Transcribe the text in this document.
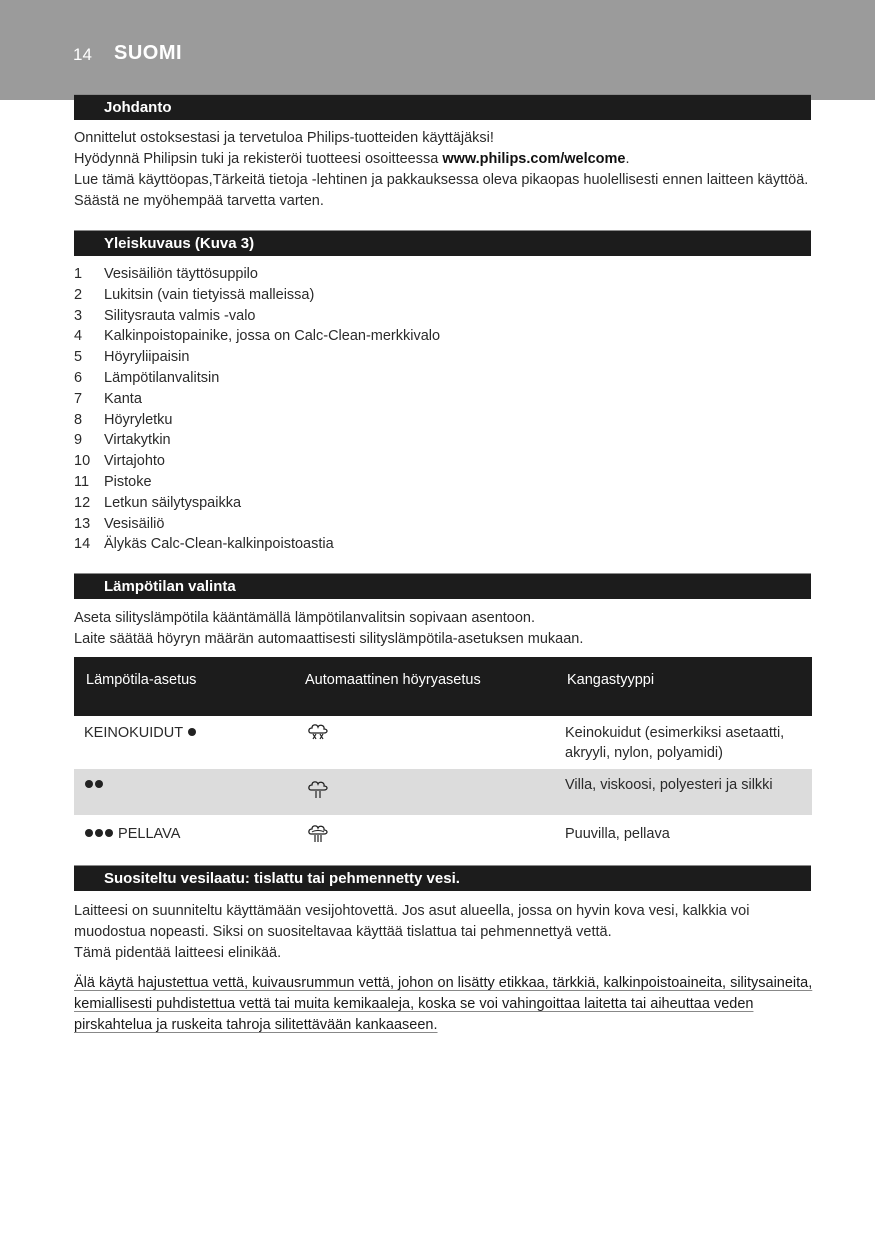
14 SUOMI
Johdanto

Onnittelut ostoksestasi ja tervetuloa Philips-tuotteiden käyttäjäksi!

Hyödynnä Philipsin tuki ja rekisteröi tuotteesi osoitteessa www.philips.com/welcome.

Lue tämä käyttöopas,Tärkeitä tietoja -lehtinen ja pakkauksessa oleva pikaopas huolellisesti ennen laitteen käyttöä. Säästä ne myöhempää tarvetta varten.

Yleiskuvaus (Kuva 3)
1	Vesisäiliön täyttösuppilo
2	Lukitsin (vain tietyissä malleissa)
3	Silitysrauta valmis -valo
4	Kalkinpoistopainike, jossa on Calc-Clean-merkkivalo
5	Höyryliipaisin
6	Lämpötilanvalitsin
7	Kanta
8	Höyryletku
9	Virtakytkin
10 Virtajohto
11	Pistoke
12 Letkun säilytyspaikka
13 Vesisäiliö
14 Älykäs Calc-Clean-kalkinpoistoastia
Lämpötilan valinta

Aseta silityslämpötila kääntämällä lämpötilanvalitsin sopivaan asentoon.

Laite säätää höyryn määrän automaattisesti silityslämpötila-asetuksen mukaan.

Lämpötila-asetus	Automaattinen höyryasetus	Kangastyyppi
KEINOKUIDUT		Keinokuidut (esimerkiksi asetaatti, akryyli, nylon, polyamidi)
		Villa, viskoosi, polyesteri ja silkki
PELLAVA		Puuvilla, pellava
Suositeltu vesilaatu: tislattu tai pehmennetty vesi.

Laitteesi on suunniteltu käyttämään vesijohtovettä. Jos asut alueella, jossa on hyvin kova vesi, kalkkia voi muodostua nopeasti. Siksi on suositeltavaa käyttää tislattua tai pehmennettyä vettä.

Tämä pidentää laitteesi elinikää.

Älä käytä hajustettua vettä, kuivausrummun vettä, johon on lisätty etikkaa, tärkkiä, kalkinpoistoaineita, silitysaineita, kemiallisesti puhdistettua vettä tai muita kemikaaleja, koska se voi vahingoittaa laitetta tai aiheuttaa veden pirskahtelua ja ruskeita tahroja silitettävään kankaaseen.
